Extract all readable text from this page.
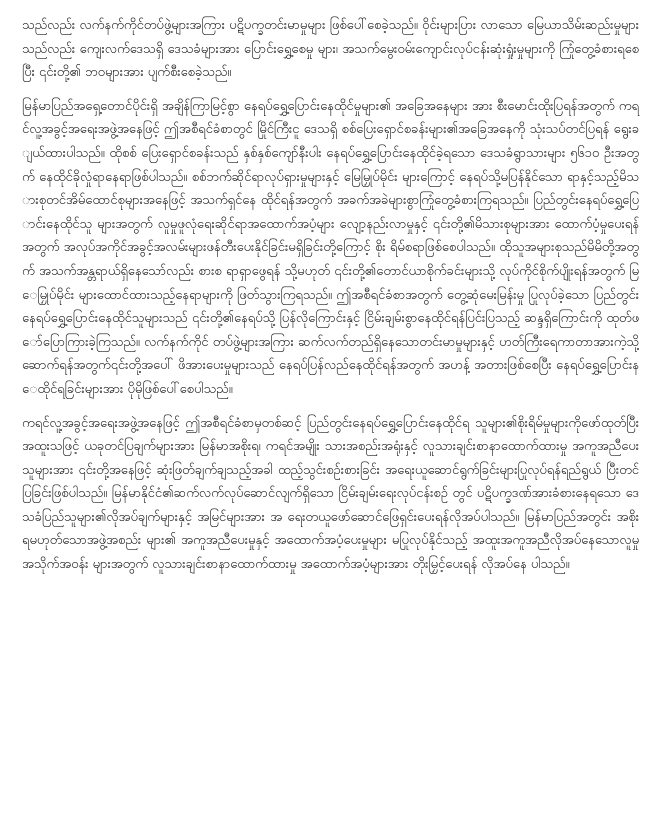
သည်လည်း လက်နက်ကိုင်တပ်ဖွဲ့များအကြား ပဋိပက္ခတင်းမာမှုများ ဖြစ်ပေါ်စေခဲ့သည်။ ဝိုင်းများပြား လာသော မြေယာသိမ်းဆည်းမှုများသည်လည်း ကျေးလက်ဒေသရှိ ဒေသခံများအား ပြောင်းရွှေ့စေမှု များ၊ အသက်မွေးဝမ်းကျောင်းလုပ်ငန်းဆုံးရှုံးမှုများကို ကြုံတွေ့ခံစားရစေပြီး ၎င်းတို့၏ ဘဝများအား ပျက်စီးစေခဲ့သည်။

မြန်မာပြည်အရှေ့တောင်ပိုင်းရှိ အချိန်ကြာမြင့်စွာ နေရပ်ရွှေ့ပြောင်းနေထိုင်မှုများ၏ အခြေအနေများ အား စီးမောင်းထိုးပြရန်အတွက် ကရင်လူ့အခွင့်အရေးအဖွဲ့အနေဖြင့် ဤအစီရင်ခံစာတွင် မြိုင်ကြီးငူ ဒေသရှိ စစ်ပြေးရှောင်စခန်းများ၏အခြေအနေကို သုံးသပ်တင်ပြရန် ရွေးချယ်ထားပါသည်။ ထိုစစ် ပြေးရှောင်စခန်းသည် နှစ်နှစ်ကျော်နီးပါး နေရပ်ရွှေ့ပြောင်းနေထိုင်ခဲ့ရသော ဒေသခံရွာသားများ ၅၆၁၀ ဦးအတွက် နေထိုင်ခိုလှုံရာနေရာဖြစ်ပါသည်။ စစ်ဘက်ဆိုင်ရာလုပ်ရှားမှုများနှင့် မြေမြှုပ်မိုင်း များကြောင့် နေရပ်သို့မပြန်နိုင်သော ရာနှင့်သည့်မိသားစုတင်အိမ်ထောင်စုများအနေဖြင့် အသက်ရှင်နေ ထိုင်ရန်အတွက် အခက်အခဲများစွာကြုံတွေ့ခံစားကြရသည်။ ပြည်တွင်းနေရပ်ရွှေ့ပြောင်းနေထိုင်သူ များအတွက် လူမှုဖူလုံရေးဆိုင်ရာအထောက်အပံ့များ လျော့နည်းလာမှုနှင့် ၎င်းတို့၏မိသားစုများအား ထောက်ပံ့မှုပေးရန်အတွက် အလုပ်အကိုင်အခွင့်အလမ်းများဖန်တီးပေးနိုင်ခြင်းမရှိခြင်းတို့ကြောင့် စိုး ရိမ်စရာဖြစ်စေပါသည်။ ထိုသူအများစုသည်မိမိတို့အတွက် အသက်အန္တရာယ်ရှိနေသော်လည်း စားစ ရာရှာဖွေရန် သို့မဟုတ် ၎င်းတို့၏တောင်ယာစိုက်ခင်းများသို့ လုပ်ကိုင်စိုက်ပျိုးရန်အတွက် မြေမြှုပ်မိုင်း များထောင်ထားသည့်နေရာများကို ဖြတ်သွားကြရသည်။ ဤအစီရင်ခံစာအတွက် တွေ့ဆုံမေးမြန်းမှု ပြုလုပ်ခဲ့သော ပြည်တွင်းနေရပ်ရွှေ့ပြောင်းနေထိုင်သူများသည် ၎င်းတို့၏နေရပ်သို့ ပြန်လိုကြောင်းနှင့် ငြိမ်းချမ်းစွာနေထိုင်ရန်ပြင်းပြသည့် ဆန္ဒရှိကြောင်းကို ထုတ်ဖော်ပြောကြားခဲ့ကြသည်။ လက်နက်ကိုင် တပ်ဖွဲ့များအကြား ဆက်လက်တည်ရှိနေသောတင်းမာမှုများနှင့် ဟတ်ကြီးရေကာတာအားကဲ့သို့ ဆောက်ရန်အတွက်၎င်းတို့အပေါ် ဖိအားပေးမှုများသည် နေရပ်ပြန်လည်နေထိုင်ရန်အတွက် အဟန့် အတားဖြစ်စေပြီး နေရပ်ရွှေ့ပြောင်းနေထိုင်ရခြင်းများအား ပိုမိုဖြစ်ပေါ်စေပါသည်။

ကရင်လူ့အခွင့်အရေးအဖွဲ့အနေဖြင့် ဤအစီရင်ခံစာမှတစ်ဆင့် ပြည်တွင်းနေရပ်ရွှေ့ပြောင်းနေထိုင်ရ သူများ၏စိုးရိမ်မှုများကိုဖော်ထုတ်ပြီး အထူးသဖြင့် ယခုတင်ပြချက်များအား မြန်မာအစိုးရ၊ ကရင်အမျိုး သားအစည်းအရုံးနှင့် လူသားချင်းစာနာထောက်ထားမှု အကူအညီပေးသူများအား ၎င်းတို့အနေဖြင့် ဆုံးဖြတ်ချက်ချသည့်အခါ ထည့်သွင်းစဉ်းစားခြင်း အရေးယူဆောင်ရွက်ခြင်းများပြုလုပ်ရန်ရည်ရွယ် ပြီးတင်ပြခြင်းဖြစ်ပါသည်။ မြန်မာနိုင်ငံ၏ဆက်လက်လုပ်ဆောင်လျက်ရှိသော ငြိမ်းချမ်းရေးလုပ်ငန်းစဉ် တွင် ပဋိပက္ခဒဏ်အားခံစားနေရသော ဒေသခံပြည်သူများ၏လိုအပ်ချက်များနှင့် အမြင်များအား အ ရေးတယူဖော်ဆောင်ဖြေရှင်းပေးရန်လိုအပ်ပါသည်။ မြန်မာပြည်အတွင်း အစိုးရမဟုတ်သောအဖွဲ့အစည်း များ၏ အကူအညီပေးမှုနှင့် အထောက်အပံ့ပေးမှုများ မပြုလုပ်နိုင်သည့် အထူးအကူအညီလိုအပ်နေသောလူမှုအသိုက်အဝန်း များအတွက် လူသားချင်းစာနာထောက်ထားမှု အထောက်အပံ့များအား တိုးမြှင့်ပေးရန် လိုအပ်နေ ပါသည်။
